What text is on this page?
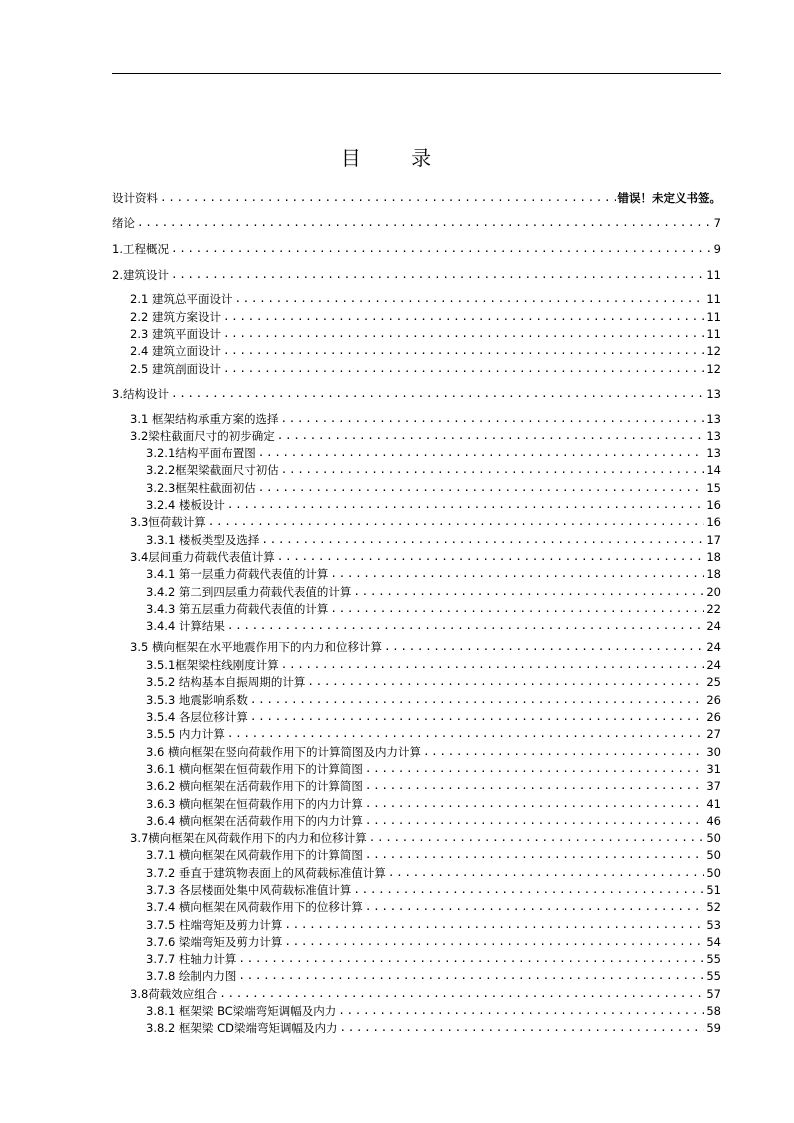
目 录
设计资料 .....	错误！未定义书签。
绪论 .....	7
1.工程概况 .....	9
2.建筑设计 .....	11
2.1 建筑总平面设计 .....	11
2.2 建筑方案设计 .....	11
2.3 建筑平面设计 .....	11
2.4 建筑立面设计 .....	12
2.5 建筑剖面设计 .....	12
3.结构设计 .....	13
3.1 框架结构承重方案的选择 .....	13
3.2梁柱截面尺寸的初步确定 .....	13
3.2.1结构平面布置图 .....	13
3.2.2框架梁截面尺寸初估 .....	14
3.2.3框架柱截面初估 .....	15
3.2.4 楼板设计 .....	16
3.3恒荷载计算 .....	16
3.3.1 楼板类型及选择 .....	17
3.4层间重力荷载代表值计算 .....	18
3.4.1 第一层重力荷载代表值的计算 .....	18
3.4.2 第二到四层重力荷载代表值的计算 .....	20
3.4.3 第五层重力荷载代表值的计算 .....	22
3.4.4 计算结果 .....	24
3.5 横向框架在水平地震作用下的内力和位移计算 .....	24
3.5.1框架梁柱线刚度计算 .....	24
3.5.2 结构基本自振周期的计算 .....	25
3.5.3 地震影响系数 .....	26
3.5.4 各层位移计算 .....	26
3.5.5 内力计算 .....	27
3.6 横向框架在竖向荷载作用下的计算简图及内力计算 .....	30
3.6.1 横向框架在恒荷载作用下的计算简图 .....	31
3.6.2 横向框架在活荷载作用下的计算简图 .....	37
3.6.3 横向框架在恒荷载作用下的内力计算 .....	41
3.6.4 横向框架在活荷载作用下的内力计算 .....	46
3.7横向框架在风荷载作用下的内力和位移计算 .....	50
3.7.1 横向框架在风荷载作用下的计算简图 .....	50
3.7.2 垂直于建筑物表面上的风荷载标准值计算 .....	50
3.7.3 各层楼面处集中风荷载标准值计算 .....	51
3.7.4 横向框架在风荷载作用下的位移计算 .....	52
3.7.5 柱端弯矩及剪力计算 .....	53
3.7.6 梁端弯矩及剪力计算 .....	54
3.7.7 柱轴力计算 .....	55
3.7.8 绘制内力图 .....	55
3.8荷载效应组合 .....	57
3.8.1 框架梁 BC梁端弯矩调幅及内力 .....	58
3.8.2 框架梁 CD梁端弯矩调幅及内力 .....	59
